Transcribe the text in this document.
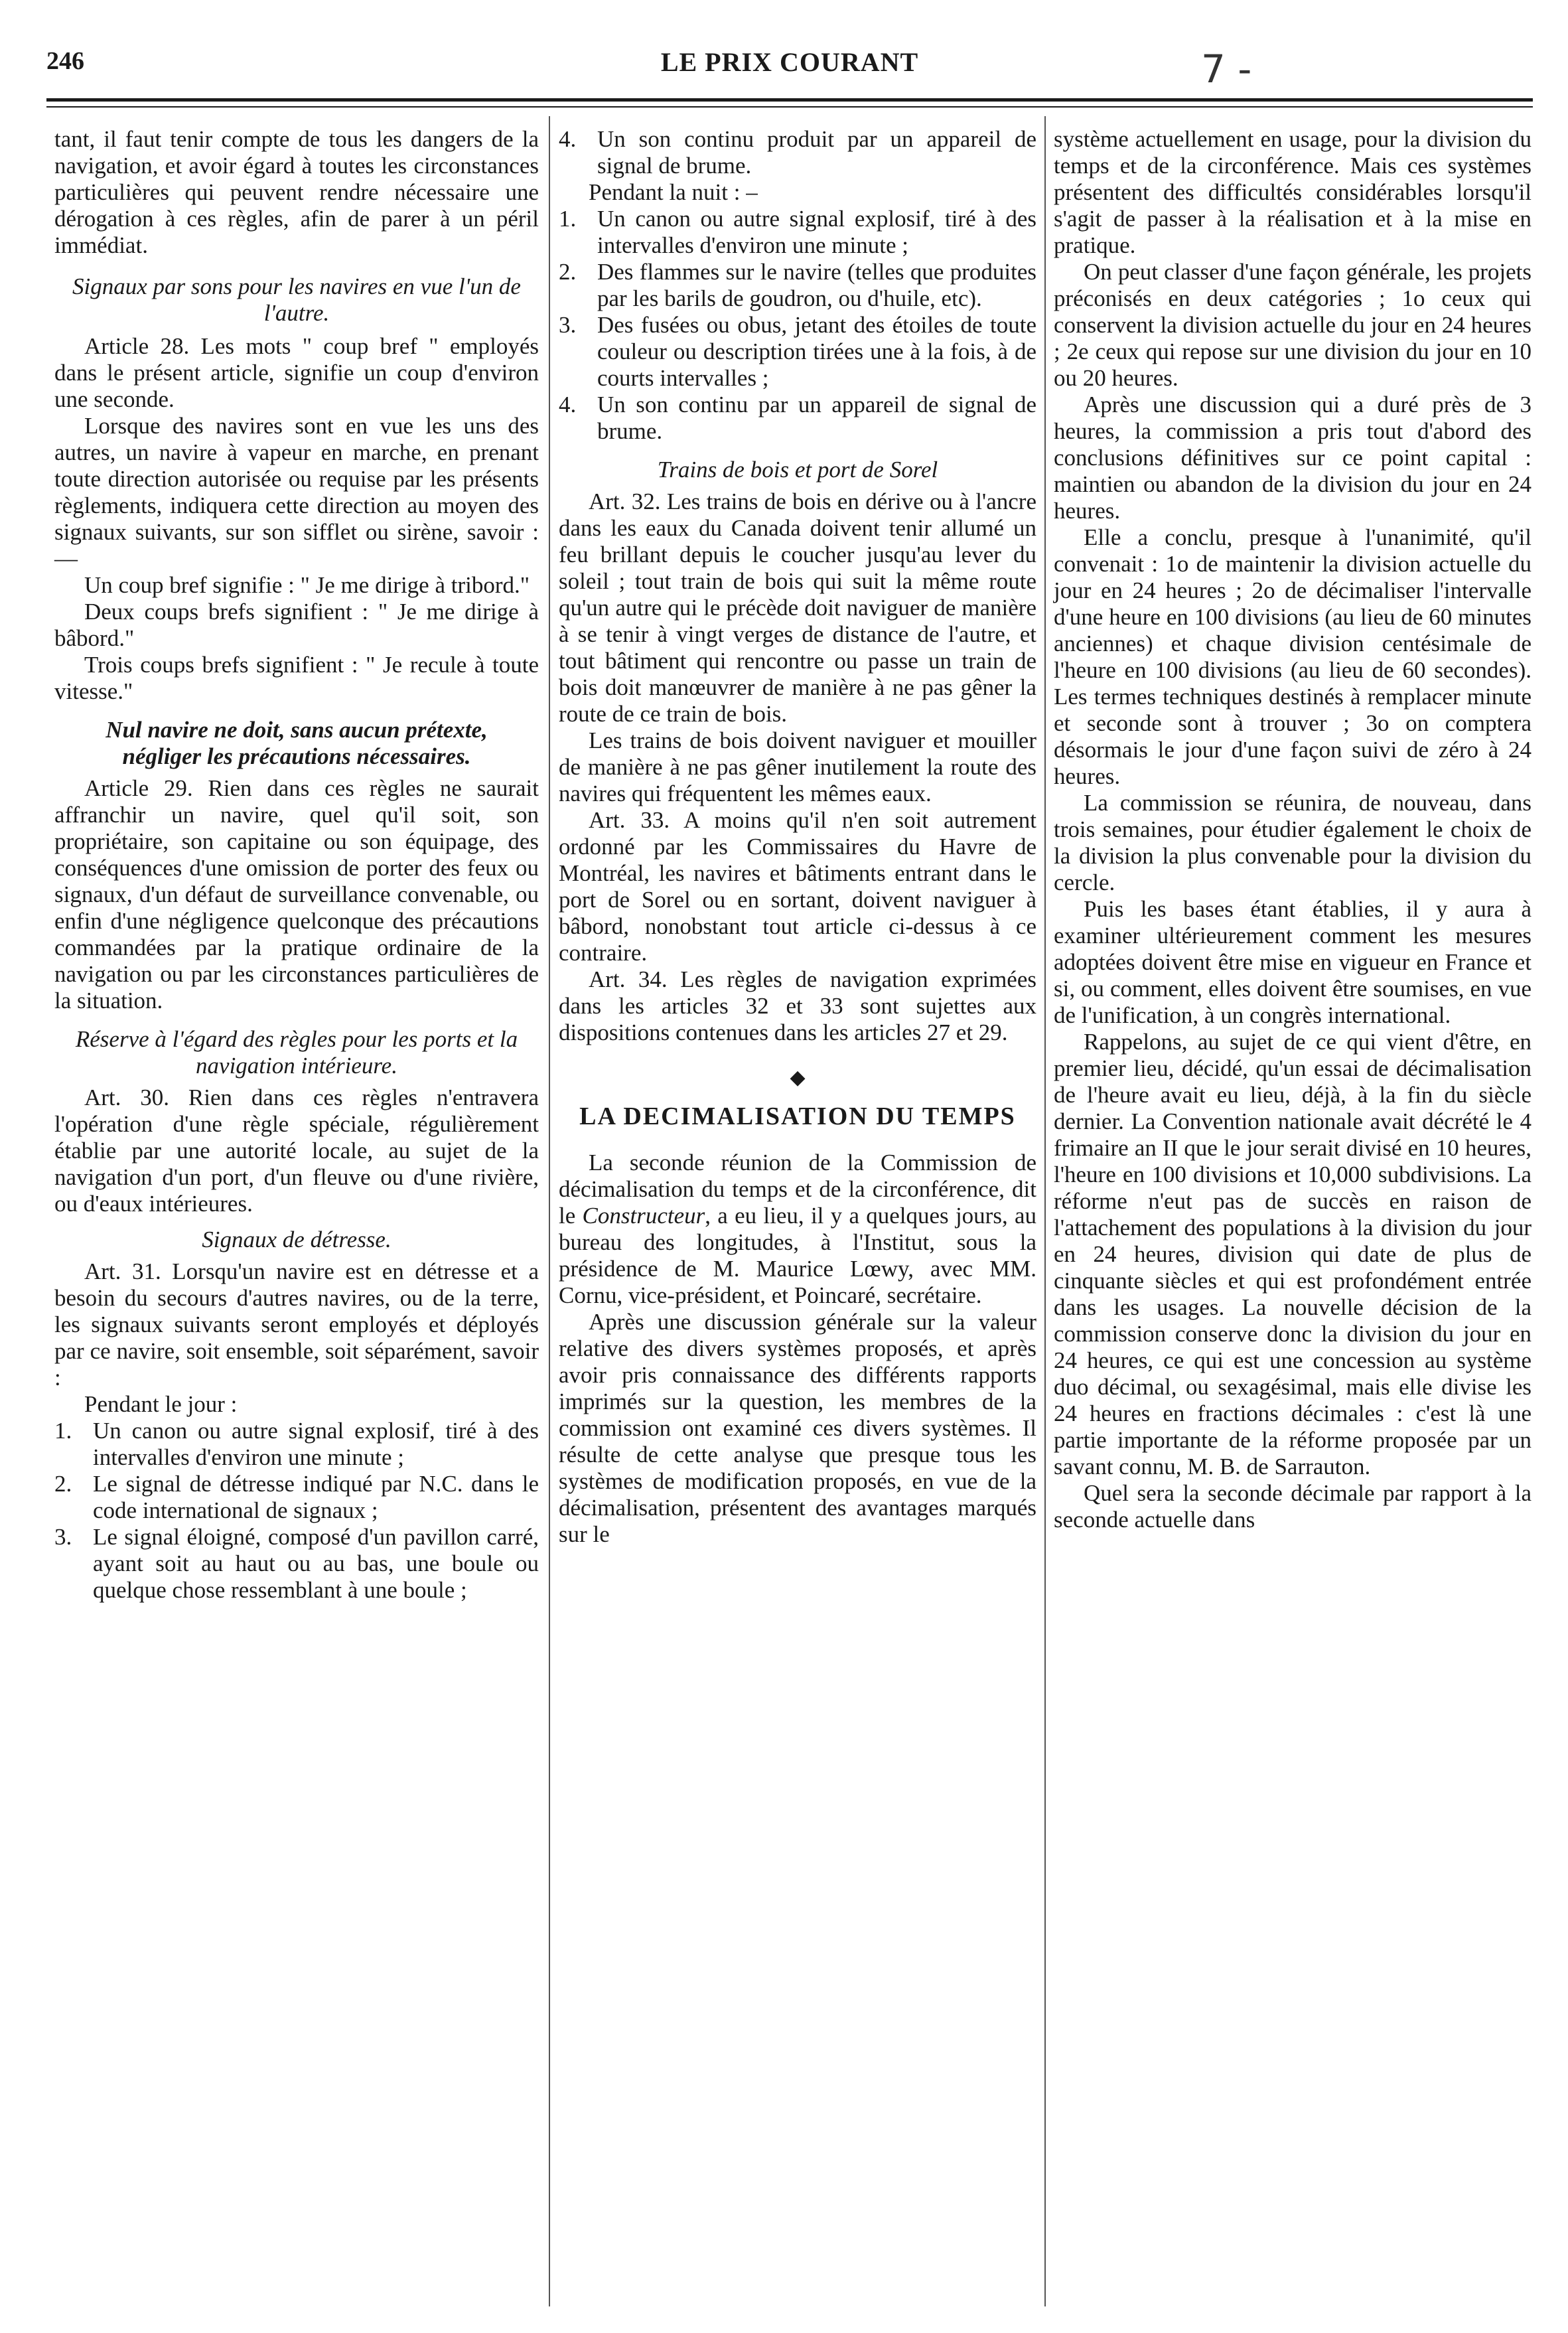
246	LE PRIX COURANT	7 -

tant, il faut tenir compte de tous les dangers de la navigation, et avoir égard à toutes les circonstances particulières qui peuvent rendre nécessaire une dérogation à ces règles, afin de parer à un péril immédiat.

Signaux par sons pour les navires en vue l'un de l'autre.

Article 28. Les mots " coup bref " employés dans le présent article, signifie un coup d'environ une seconde.

Lorsque des navires sont en vue les uns des autres, un navire à vapeur en marche, en prenant toute direction autorisée ou requise par les présents règlements, indiquera cette direction au moyen des signaux suivants, sur son sifflet ou sirène, savoir :—

Un coup bref signifie : " Je me dirige à tribord."

Deux coups brefs signifient : " Je me dirige à bâbord."

Trois coups brefs signifient : " Je recule à toute vitesse."

Nul navire ne doit, sans aucun prétexte, négliger les précautions nécessaires.

Article 29. Rien dans ces règles ne saurait affranchir un navire, quel qu'il soit, son propriétaire, son capitaine ou son équipage, des conséquences d'une omission de porter des feux ou signaux, d'un défaut de surveillance convenable, ou enfin d'une négligence quelconque des précautions commandées par la pratique ordinaire de la navigation ou par les circonstances particulières de la situation.

Réserve à l'égard des règles pour les ports et la navigation intérieure.

Art. 30. Rien dans ces règles n'entravera l'opération d'une règle spéciale, régulièrement établie par une autorité locale, au sujet de la navigation d'un port, d'un fleuve ou d'une rivière, ou d'eaux intérieures.

Signaux de détresse.

Art. 31. Lorsqu'un navire est en détresse et a besoin du secours d'autres navires, ou de la terre, les signaux suivants seront employés et déployés par ce navire, soit ensemble, soit séparément, savoir :

Pendant le jour :

1. Un canon ou autre signal explosif, tiré à des intervalles d'environ une minute ;
2. Le signal de détresse indiqué par N.C. dans le code international de signaux ;
3. Le signal éloigné, composé d'un pavillon carré, ayant soit au haut ou au bas, une boule ou quelque chose ressemblant à une boule ;
4. Un son continu produit par un appareil de signal de brume.

Pendant la nuit : –

1. Un canon ou autre signal explosif, tiré à des intervalles d'environ une minute ;
2. Des flammes sur le navire (telles que produites par les barils de goudron, ou d'huile, etc).
3. Des fusées ou obus, jetant des étoiles de toute couleur ou description tirées une à la fois, à de courts intervalles ;
4. Un son continu par un appareil de signal de brume.
Trains de bois et port de Sorel

Art. 32. Les trains de bois en dérive ou à l'ancre dans les eaux du Canada doivent tenir allumé un feu brillant depuis le coucher jusqu'au lever du soleil ; tout train de bois qui suit la même route qu'un autre qui le précède doit naviguer de manière à se tenir à vingt verges de distance de l'autre, et tout bâtiment qui rencontre ou passe un train de bois doit manœuvrer de manière à ne pas gêner la route de ce train de bois.

Les trains de bois doivent naviguer et mouiller de manière à ne pas gêner inutilement la route des navires qui fréquentent les mêmes eaux.

Art. 33. A moins qu'il n'en soit autrement ordonné par les Commissaires du Havre de Montréal, les navires et bâtiments entrant dans le port de Sorel ou en sortant, doivent naviguer à bâbord, nonobstant tout article ci-dessus à ce contraire.

Art. 34. Les règles de navigation exprimées dans les articles 32 et 33 sont sujettes aux dispositions contenues dans les articles 27 et 29.

◆
LA DECIMALISATION DU TEMPS

La seconde réunion de la Commission de décimalisation du temps et de la circonférence, dit le Constructeur, a eu lieu, il y a quelques jours, au bureau des longitudes, à l'Institut, sous la présidence de M. Maurice Lœwy, avec MM. Cornu, vice-président, et Poincaré, secrétaire.

Après une discussion générale sur la valeur relative des divers systèmes proposés, et après avoir pris connaissance des différents rapports imprimés sur la question, les membres de la commission ont examiné ces divers systèmes. Il résulte de cette analyse que presque tous les systèmes de modification proposés, en vue de la décimalisation, présentent des avantages marqués sur le

système actuellement en usage, pour la division du temps et de la circonférence. Mais ces systèmes présentent des difficultés considérables lorsqu'il s'agit de passer à la réalisation et à la mise en pratique.

On peut classer d'une façon générale, les projets préconisés en deux catégories ; 1o ceux qui conservent la division actuelle du jour en 24 heures ; 2e ceux qui repose sur une division du jour en 10 ou 20 heures.

Après une discussion qui a duré près de 3 heures, la commission a pris tout d'abord des conclusions définitives sur ce point capital : maintien ou abandon de la division du jour en 24 heures.

Elle a conclu, presque à l'unanimité, qu'il convenait : 1o de maintenir la division actuelle du jour en 24 heures ; 2o de décimaliser l'intervalle d'une heure en 100 divisions (au lieu de 60 minutes anciennes) et chaque division centésimale de l'heure en 100 divisions (au lieu de 60 secondes). Les termes techniques destinés à remplacer minute et seconde sont à trouver ; 3o on comptera désormais le jour d'une façon suivi de zéro à 24 heures.

La commission se réunira, de nouveau, dans trois semaines, pour étudier également le choix de la division la plus convenable pour la division du cercle.

Puis les bases étant établies, il y aura à examiner ultérieurement comment les mesures adoptées doivent être mise en vigueur en France et si, ou comment, elles doivent être soumises, en vue de l'unification, à un congrès international.

Rappelons, au sujet de ce qui vient d'être, en premier lieu, décidé, qu'un essai de décimalisation de l'heure avait eu lieu, déjà, à la fin du siècle dernier. La Convention nationale avait décrété le 4 frimaire an II que le jour serait divisé en 10 heures, l'heure en 100 divisions et 10,000 subdivisions. La réforme n'eut pas de succès en raison de l'attachement des populations à la division du jour en 24 heures, division qui date de plus de cinquante siècles et qui est profondément entrée dans les usages. La nouvelle décision de la commission conserve donc la division du jour en 24 heures, ce qui est une concession au système duo décimal, ou sexagésimal, mais elle divise les 24 heures en fractions décimales : c'est là une partie importante de la réforme proposée par un savant connu, M. B. de Sarrauton.

Quel sera la seconde décimale par rapport à la seconde actuelle dans
